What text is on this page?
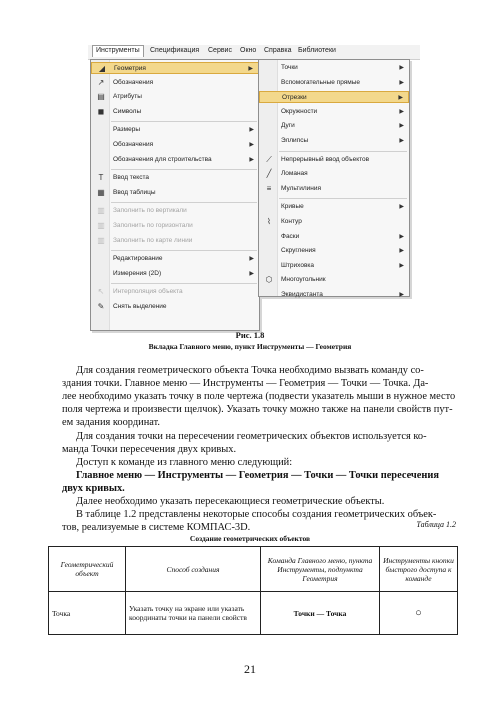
Инструменты	Спецификация Сервис Окно Справка Библиотеки
◢ Геометрия	▶
↗ Обозначения
▤ Атрибуты
◼ Символы
Размеры	▶
Обозначения	▶
Обозначения для строительства	▶
T Ввод текста
▦ Ввод таблицы
▥ Заполнить по вертикали
▥ Заполнить по горизонтали
▥ Заполнить по карте линии
Редактирование	▶
Измерения (2D)	▶
↖ Интерполяция объекта
✎ Снять выделение
Точки	▶
Вспомогательные прямые	▶
Отрезки	▶
Окружности	▶
Дуги	▶
Эллипсы	▶
⟋ Непрерывный ввод объектов
╱ Ломаная
≡ Мультилиния
Кривые	▶
⌇	Контур
Фаски	▶
Скругления	▶
Штриховка	▶
⬡ Многоугольник
Эквидистанта	▶
Рис. 1.8
Вкладка Главного меню, пункт Инструменты — Геометрия
Для создания геометрического объекта Точка необходимо вызвать команду со-
здания точки. Главное меню — Инструменты — Геометрия — Точки — Точка. Да-
лее необходимо указать точку в поле чертежа (подвести указатель мыши в нужное место
поля чертежа и произвести щелчок). Указать точку можно также на панели свойств пут-
ем задания координат.
Для создания точки на пересечении геометрических объектов используется ко-
манда Точки пересечения двух кривых.
Доступ к команде из главного меню следующий:
Главное меню — Инструменты — Геометрия — Точки — Точки пересечения
двух кривых.
Далее необходимо указать пересекающиеся геометрические объекты.
В таблице 1.2 представлены некоторые способы создания геометрических объек-
тов, реализуемые в системе КОМПАС-3D.	Таблица 1.2
Создание геометрических объектов
Геометрический объект	Способ создания	Команда Главного меню, пункта Инструменты, подпункта Геометрия	Инструменты кнопки быстрого доступа к команде
Точка	Указать точку на экране или указать координаты точки на панели свойств	Точки — Точка	○
21
